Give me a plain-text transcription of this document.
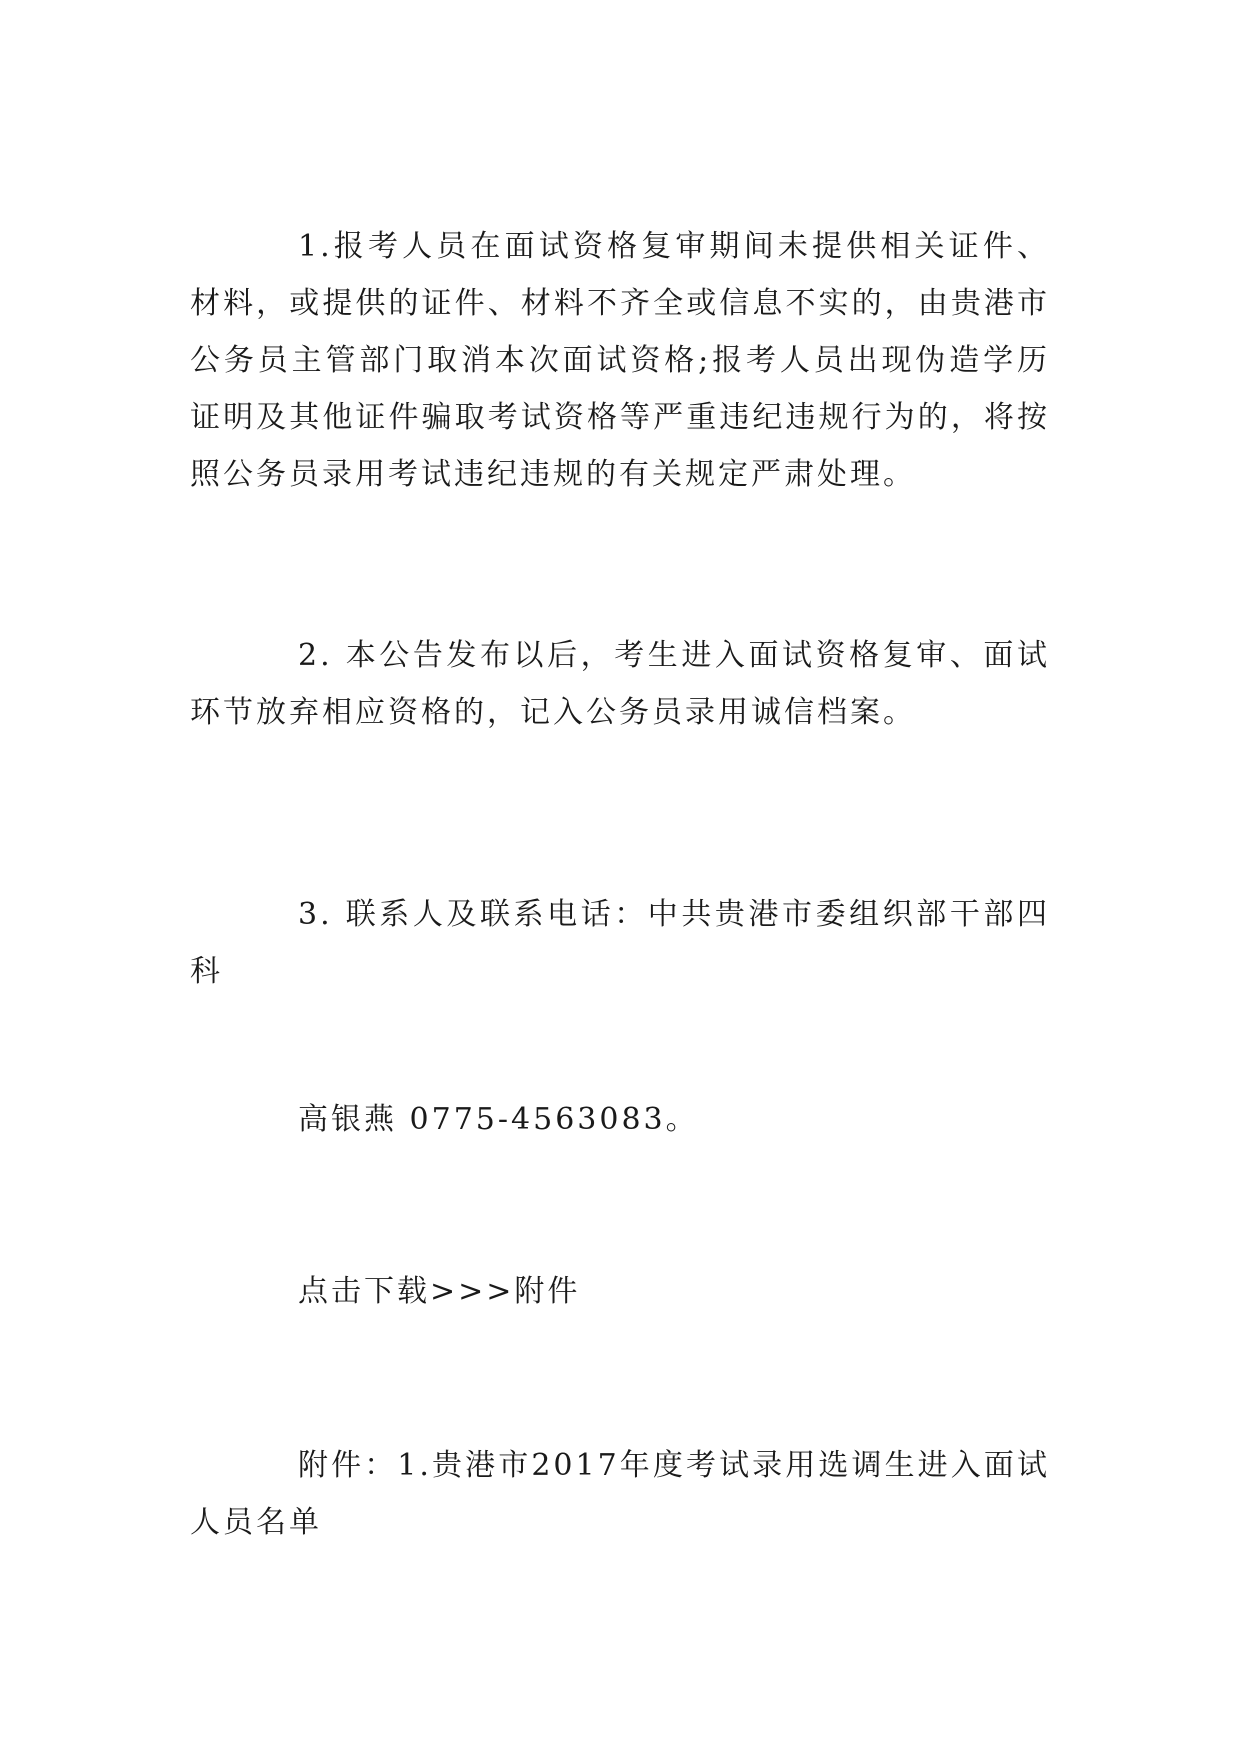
1.报考人员在面试资格复审期间未提供相关证件、材料，或提供的证件、材料不齐全或信息不实的，由贵港市公务员主管部门取消本次面试资格;报考人员出现伪造学历证明及其他证件骗取考试资格等严重违纪违规行为的，将按照公务员录用考试违纪违规的有关规定严肃处理。

2. 本公告发布以后，考生进入面试资格复审、面试环节放弃相应资格的，记入公务员录用诚信档案。

3. 联系人及联系电话：中共贵港市委组织部干部四科

高银燕 0775-4563083。

点击下载>>>附件

附件：1.贵港市2017年度考试录用选调生进入面试人员名单
